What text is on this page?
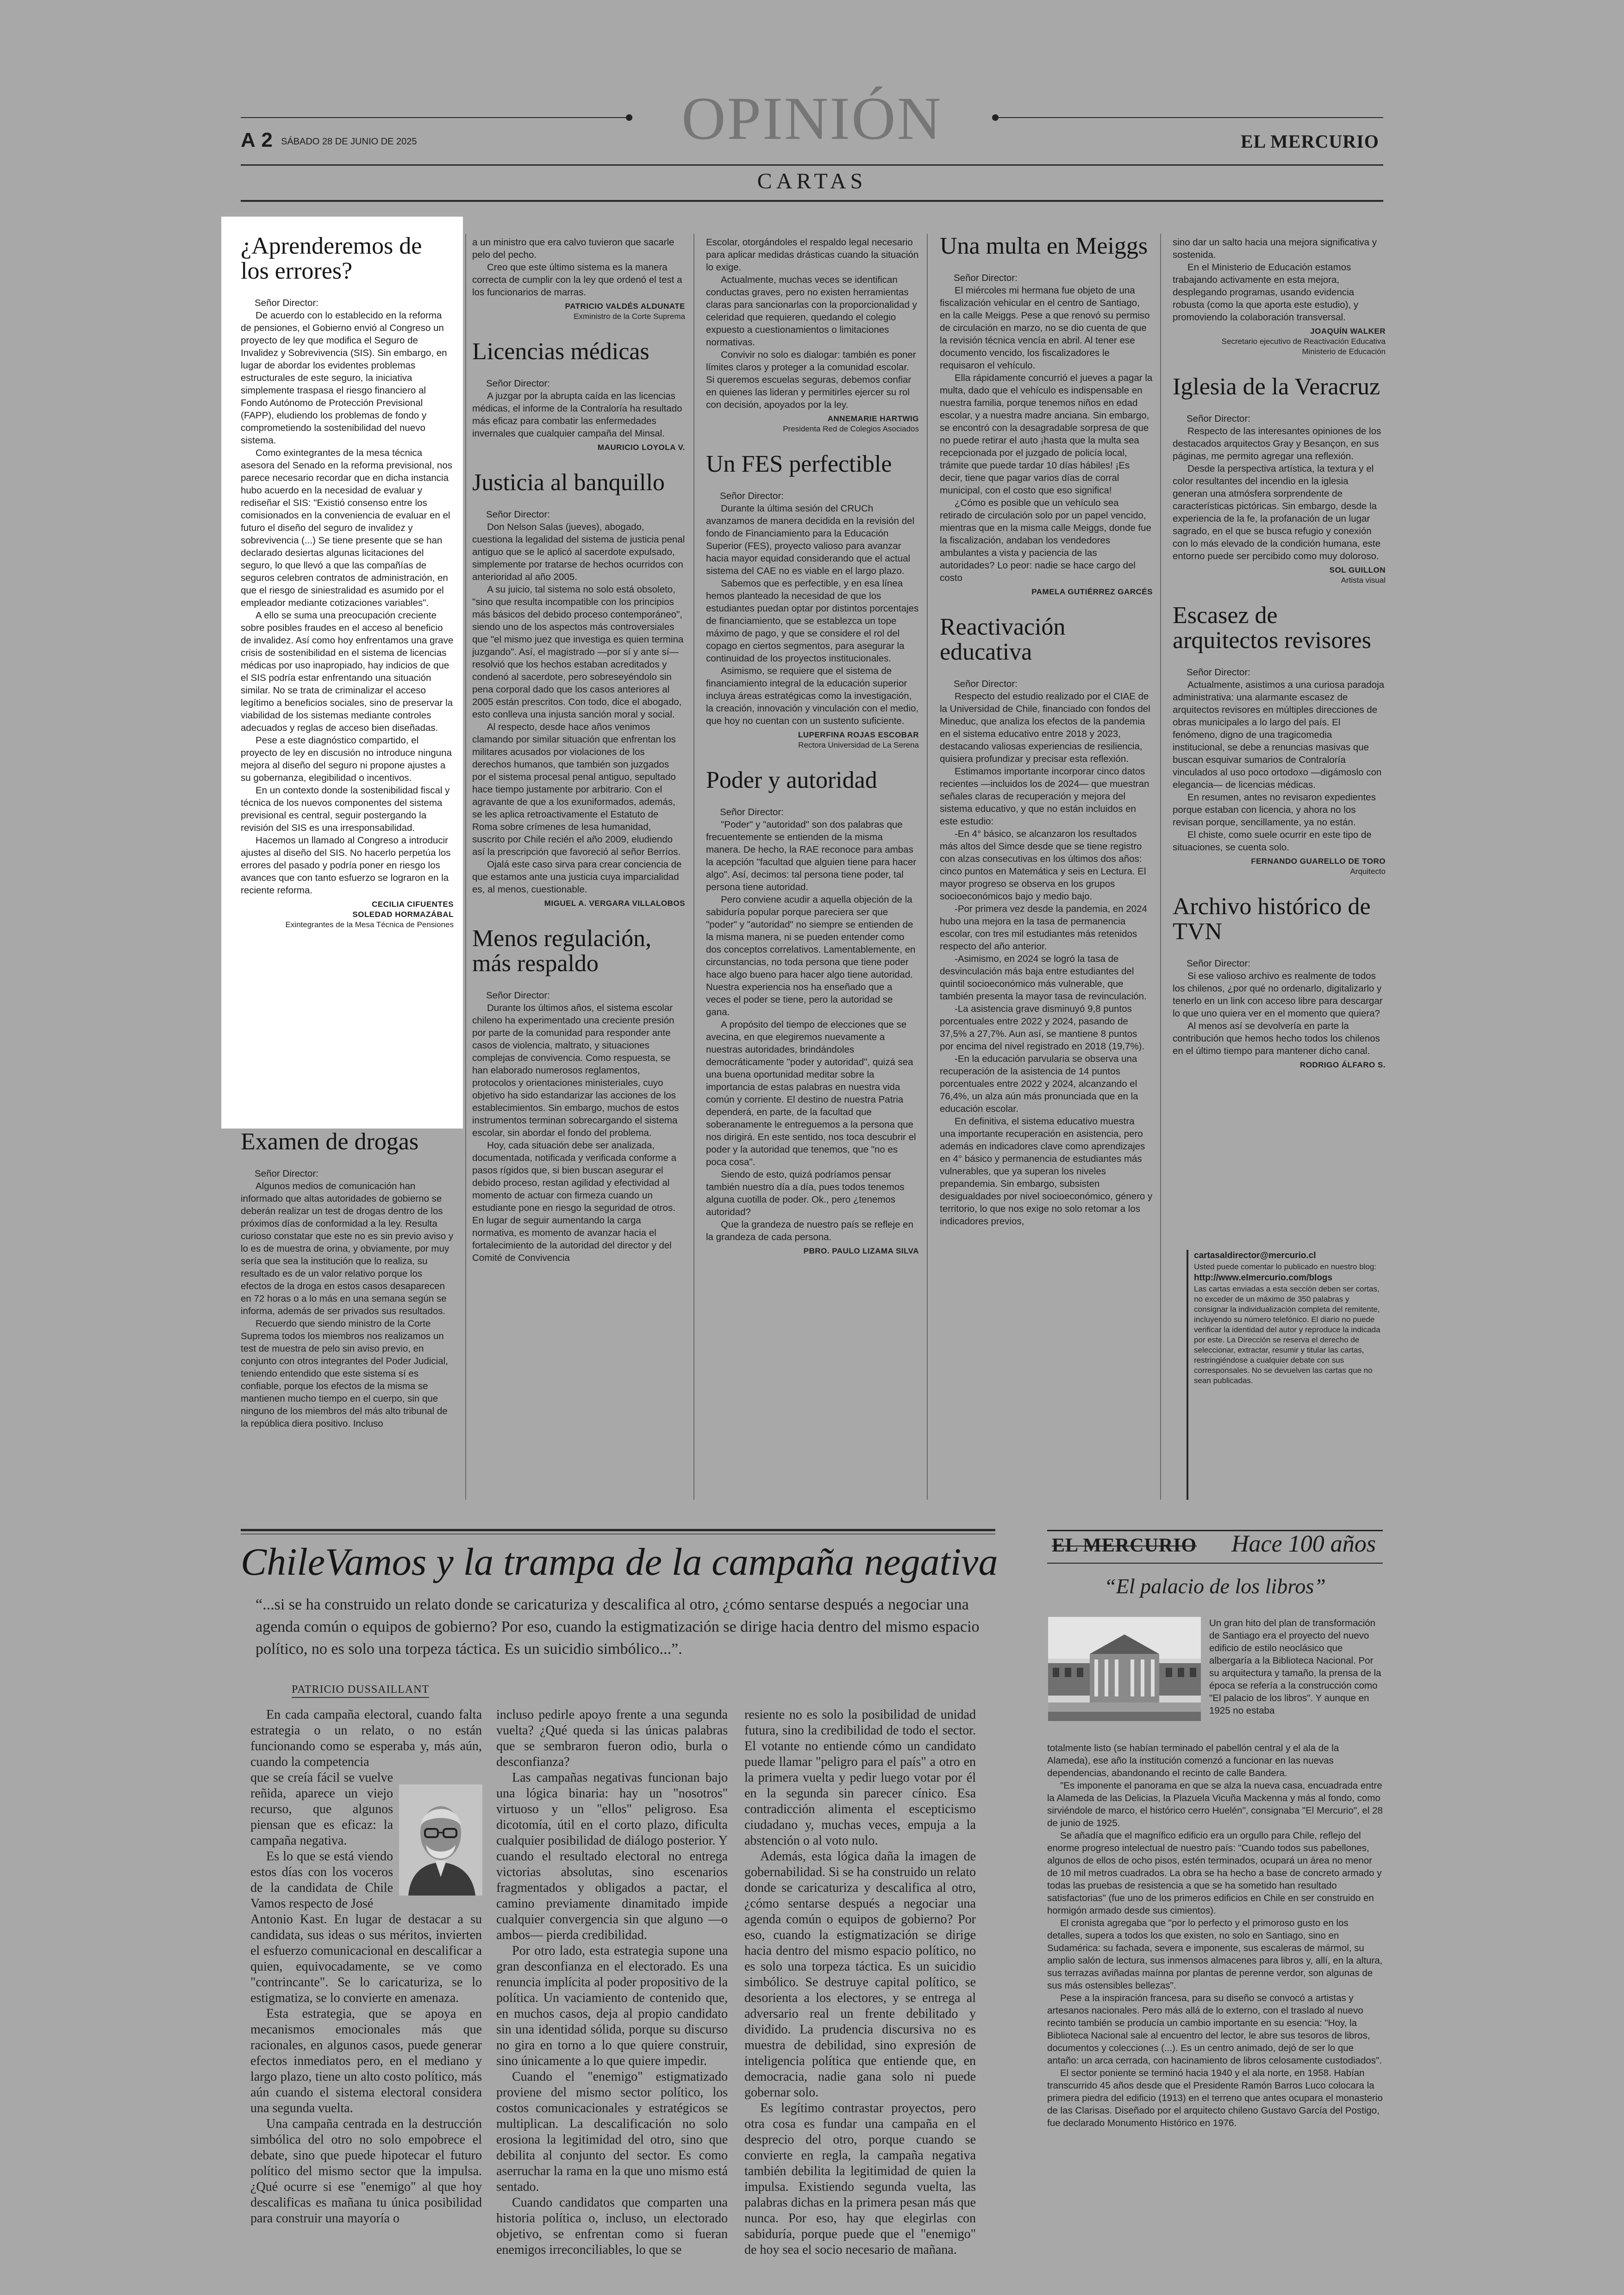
A 2 SÁBADO 28 DE JUNIO DE 2025	OPINIÓN	EL MERCURIO
CARTAS
¿Aprenderemos de los errores?
Señor Director:

De acuerdo con lo establecido en la reforma de pensiones, el Gobierno envió al Congreso un proyecto de ley que modifica el Seguro de Invalidez y Sobrevivencia (SIS). Sin embargo, en lugar de abordar los evidentes problemas estructurales de este seguro, la iniciativa simplemente traspasa el riesgo financiero al Fondo Autónomo de Protección Previsional (FAPP), eludiendo los problemas de fondo y comprometiendo la sostenibilidad del nuevo sistema.

Como exintegrantes de la mesa técnica asesora del Senado en la reforma previsional, nos parece necesario recordar que en dicha instancia hubo acuerdo en la necesidad de evaluar y rediseñar el SIS: "Existió consenso entre los comisionados en la conveniencia de evaluar en el futuro el diseño del seguro de invalidez y sobrevivencia (...) Se tiene presente que se han declarado desiertas algunas licitaciones del seguro, lo que llevó a que las compañías de seguros celebren contratos de administración, en que el riesgo de siniestralidad es asumido por el empleador mediante cotizaciones variables".

A ello se suma una preocupación creciente sobre posibles fraudes en el acceso al beneficio de invalidez. Así como hoy enfrentamos una grave crisis de sostenibilidad en el sistema de licencias médicas por uso inapropiado, hay indicios de que el SIS podría estar enfrentando una situación similar. No se trata de criminalizar el acceso legítimo a beneficios sociales, sino de preservar la viabilidad de los sistemas mediante controles adecuados y reglas de acceso bien diseñadas.

Pese a este diagnóstico compartido, el proyecto de ley en discusión no introduce ninguna mejora al diseño del seguro ni propone ajustes a su gobernanza, elegibilidad o incentivos.

En un contexto donde la sostenibilidad fiscal y técnica de los nuevos componentes del sistema previsional es central, seguir postergando la revisión del SIS es una irresponsabilidad.

Hacemos un llamado al Congreso a introducir ajustes al diseño del SIS. No hacerlo perpetúa los errores del pasado y podría poner en riesgo los avances que con tanto esfuerzo se lograron en la reciente reforma.

CECILIA CIFUENTES
SOLEDAD HORMAZÁBAL
Exintegrantes de la Mesa Técnica de Pensiones
Examen de drogas
Señor Director:

Algunos medios de comunicación han informado que altas autoridades de gobierno se deberán realizar un test de drogas dentro de los próximos días de conformidad a la ley. Resulta curioso constatar que este no es sin previo aviso y lo es de muestra de orina, y obviamente, por muy sería que sea la institución que lo realiza, su resultado es de un valor relativo porque los efectos de la droga en estos casos desaparecen en 72 horas o a lo más en una semana según se informa, además de ser privados sus resultados.

Recuerdo que siendo ministro de la Corte Suprema todos los miembros nos realizamos un test de muestra de pelo sin aviso previo, en conjunto con otros integrantes del Poder Judicial, teniendo entendido que este sistema sí es confiable, porque los efectos de la misma se mantienen mucho tiempo en el cuerpo, sin que ninguno de los miembros del más alto tribunal de la república diera positivo. Incluso

a un ministro que era calvo tuvieron que sacarle pelo del pecho.

Creo que este último sistema es la manera correcta de cumplir con la ley que ordenó el test a los funcionarios de marras.

PATRICIO VALDÉS ALDUNATE
Exministro de la Corte Suprema
Licencias médicas
Señor Director:

A juzgar por la abrupta caída en las licencias médicas, el informe de la Contraloría ha resultado más eficaz para combatir las enfermedades invernales que cualquier campaña del Minsal.

MAURICIO LOYOLA V.
Justicia al banquillo
Señor Director:

Don Nelson Salas (jueves), abogado, cuestiona la legalidad del sistema de justicia penal antiguo que se le aplicó al sacerdote expulsado, simplemente por tratarse de hechos ocurridos con anterioridad al año 2005.

A su juicio, tal sistema no solo está obsoleto, "sino que resulta incompatible con los principios más básicos del debido proceso contemporáneo", siendo uno de los aspectos más controversiales que "el mismo juez que investiga es quien termina juzgando". Así, el magistrado —por sí y ante sí— resolvió que los hechos estaban acreditados y condenó al sacerdote, pero sobreseyéndolo sin pena corporal dado que los casos anteriores al 2005 están prescritos. Con todo, dice el abogado, esto conlleva una injusta sanción moral y social.

Al respecto, desde hace años venimos clamando por similar situación que enfrentan los militares acusados por violaciones de los derechos humanos, que también son juzgados por el sistema procesal penal antiguo, sepultado hace tiempo justamente por arbitrario. Con el agravante de que a los exuniformados, además, se les aplica retroactivamente el Estatuto de Roma sobre crímenes de lesa humanidad, suscrito por Chile recién el año 2009, eludiendo así la prescripción que favoreció al señor Berríos.

Ojalá este caso sirva para crear conciencia de que estamos ante una justicia cuya imparcialidad es, al menos, cuestionable.

MIGUEL A. VERGARA VILLALOBOS
Menos regulación, más respaldo
Señor Director:

Durante los últimos años, el sistema escolar chileno ha experimentado una creciente presión por parte de la comunidad para responder ante casos de violencia, maltrato, y situaciones complejas de convivencia. Como respuesta, se han elaborado numerosos reglamentos, protocolos y orientaciones ministeriales, cuyo objetivo ha sido estandarizar las acciones de los establecimientos. Sin embargo, muchos de estos instrumentos terminan sobrecargando el sistema escolar, sin abordar el fondo del problema.

Hoy, cada situación debe ser analizada, documentada, notificada y verificada conforme a pasos rígidos que, si bien buscan asegurar el debido proceso, restan agilidad y efectividad al momento de actuar con firmeza cuando un estudiante pone en riesgo la seguridad de otros. En lugar de seguir aumentando la carga normativa, es momento de avanzar hacia el fortalecimiento de la autoridad del director y del Comité de Convivencia

Escolar, otorgándoles el respaldo legal necesario para aplicar medidas drásticas cuando la situación lo exige.

Actualmente, muchas veces se identifican conductas graves, pero no existen herramientas claras para sancionarlas con la proporcionalidad y celeridad que requieren, quedando el colegio expuesto a cuestionamientos o limitaciones normativas.

Convivir no solo es dialogar: también es poner límites claros y proteger a la comunidad escolar. Si queremos escuelas seguras, debemos confiar en quienes las lideran y permitirles ejercer su rol con decisión, apoyados por la ley.

ANNEMARIE HARTWIG
Presidenta Red de Colegios Asociados
Un FES perfectible
Señor Director:

Durante la última sesión del CRUCh avanzamos de manera decidida en la revisión del fondo de Financiamiento para la Educación Superior (FES), proyecto valioso para avanzar hacia mayor equidad considerando que el actual sistema del CAE no es viable en el largo plazo.

Sabemos que es perfectible, y en esa línea hemos planteado la necesidad de que los estudiantes puedan optar por distintos porcentajes de financiamiento, que se establezca un tope máximo de pago, y que se considere el rol del copago en ciertos segmentos, para asegurar la continuidad de los proyectos institucionales.

Asimismo, se requiere que el sistema de financiamiento integral de la educación superior incluya áreas estratégicas como la investigación, la creación, innovación y vinculación con el medio, que hoy no cuentan con un sustento suficiente.

LUPERFINA ROJAS ESCOBAR
Rectora Universidad de La Serena
Poder y autoridad
Señor Director:

"Poder" y "autoridad" son dos palabras que frecuentemente se entienden de la misma manera. De hecho, la RAE reconoce para ambas la acepción "facultad que alguien tiene para hacer algo". Así, decimos: tal persona tiene poder, tal persona tiene autoridad.

Pero conviene acudir a aquella objeción de la sabiduría popular porque pareciera ser que "poder" y "autoridad" no siempre se entienden de la misma manera, ni se pueden entender como dos conceptos correlativos. Lamentablemente, en circunstancias, no toda persona que tiene poder hace algo bueno para hacer algo tiene autoridad. Nuestra experiencia nos ha enseñado que a veces el poder se tiene, pero la autoridad se gana.

A propósito del tiempo de elecciones que se avecina, en que elegiremos nuevamente a nuestras autoridades, brindándoles democráticamente "poder y autoridad", quizá sea una buena oportunidad meditar sobre la importancia de estas palabras en nuestra vida común y corriente. El destino de nuestra Patria dependerá, en parte, de la facultad que soberanamente le entreguemos a la persona que nos dirigirá. En este sentido, nos toca descubrir el poder y la autoridad que tenemos, que "no es poca cosa".

Siendo de esto, quizá podríamos pensar también nuestro día a día, pues todos tenemos alguna cuotilla de poder. Ok., pero ¿tenemos autoridad?

Que la grandeza de nuestro país se refleje en la grandeza de cada persona.

PBRO. PAULO LIZAMA SILVA
Una multa en Meiggs
Señor Director:

El miércoles mi hermana fue objeto de una fiscalización vehicular en el centro de Santiago, en la calle Meiggs. Pese a que renovó su permiso de circulación en marzo, no se dio cuenta de que la revisión técnica vencía en abril. Al tener ese documento vencido, los fiscalizadores le requisaron el vehículo.

Ella rápidamente concurrió el jueves a pagar la multa, dado que el vehículo es indispensable en nuestra familia, porque tenemos niños en edad escolar, y a nuestra madre anciana. Sin embargo, se encontró con la desagradable sorpresa de que no puede retirar el auto ¡hasta que la multa sea recepcionada por el juzgado de policía local, trámite que puede tardar 10 días hábiles! ¡Es decir, tiene que pagar varios días de corral municipal, con el costo que eso significa!

¿Cómo es posible que un vehículo sea retirado de circulación solo por un papel vencido, mientras que en la misma calle Meiggs, donde fue la fiscalización, andaban los vendedores ambulantes a vista y paciencia de las autoridades? Lo peor: nadie se hace cargo del costo

PAMELA GUTIÉRREZ GARCÉS
Reactivación educativa
Señor Director:

Respecto del estudio realizado por el CIAE de la Universidad de Chile, financiado con fondos del Mineduc, que analiza los efectos de la pandemia en el sistema educativo entre 2018 y 2023, destacando valiosas experiencias de resiliencia, quisiera profundizar y precisar esta reflexión.

Estimamos importante incorporar cinco datos recientes —incluidos los de 2024— que muestran señales claras de recuperación y mejora del sistema educativo, y que no están incluidos en este estudio:

-En 4° básico, se alcanzaron los resultados más altos del Simce desde que se tiene registro con alzas consecutivas en los últimos dos años: cinco puntos en Matemática y seis en Lectura. El mayor progreso se observa en los grupos socioeconómicos bajo y medio bajo.

-Por primera vez desde la pandemia, en 2024 hubo una mejora en la tasa de permanencia escolar, con tres mil estudiantes más retenidos respecto del año anterior.

-Asimismo, en 2024 se logró la tasa de desvinculación más baja entre estudiantes del quintil socioeconómico más vulnerable, que también presenta la mayor tasa de revinculación.

-La asistencia grave disminuyó 9,8 puntos porcentuales entre 2022 y 2024, pasando de 37,5% a 27,7%. Aun así, se mantiene 8 puntos por encima del nivel registrado en 2018 (19,7%).

-En la educación parvularia se observa una recuperación de la asistencia de 14 puntos porcentuales entre 2022 y 2024, alcanzando el 76,4%, un alza aún más pronunciada que en la educación escolar.

En definitiva, el sistema educativo muestra una importante recuperación en asistencia, pero además en indicadores clave como aprendizajes en 4° básico y permanencia de estudiantes más vulnerables, que ya superan los niveles prepandemia. Sin embargo, subsisten desigualdades por nivel socioeconómico, género y territorio, lo que nos exige no solo retomar a los indicadores previos,

sino dar un salto hacia una mejora significativa y sostenida.

En el Ministerio de Educación estamos trabajando activamente en esta mejora, desplegando programas, usando evidencia robusta (como la que aporta este estudio), y promoviendo la colaboración transversal.

JOAQUÍN WALKER
Secretario ejecutivo de Reactivación Educativa
Ministerio de Educación
Iglesia de la Veracruz
Señor Director:

Respecto de las interesantes opiniones de los destacados arquitectos Gray y Besançon, en sus páginas, me permito agregar una reflexión.

Desde la perspectiva artística, la textura y el color resultantes del incendio en la iglesia generan una atmósfera sorprendente de características pictóricas. Sin embargo, desde la experiencia de la fe, la profanación de un lugar sagrado, en el que se busca refugio y conexión con lo más elevado de la condición humana, este entorno puede ser percibido como muy doloroso.

SOL GUILLON
Artista visual
Escasez de arquitectos revisores
Señor Director:

Actualmente, asistimos a una curiosa paradoja administrativa: una alarmante escasez de arquitectos revisores en múltiples direcciones de obras municipales a lo largo del país. El fenómeno, digno de una tragicomedia institucional, se debe a renuncias masivas que buscan esquivar sumarios de Contraloría vinculados al uso poco ortodoxo —digámoslo con elegancia— de licencias médicas.

En resumen, antes no revisaron expedientes porque estaban con licencia, y ahora no los revisan porque, sencillamente, ya no están.

El chiste, como suele ocurrir en este tipo de situaciones, se cuenta solo.

FERNANDO GUARELLO DE TORO
Arquitecto
Archivo histórico de TVN
Señor Director:

Si ese valioso archivo es realmente de todos los chilenos, ¿por qué no ordenarlo, digitalizarlo y tenerlo en un link con acceso libre para descargar lo que uno quiera ver en el momento que quiera?

Al menos así se devolvería en parte la contribución que hemos hecho todos los chilenos en el último tiempo para mantener dicho canal.

RODRIGO ÁLFARO S.

cartasaldirector@mercurio.cl

Usted puede comentar lo publicado en nuestro blog:

http://www.elmercurio.com/blogs

Las cartas enviadas a esta sección deben ser cortas, no exceder de un máximo de 350 palabras y consignar la individualización completa del remitente, incluyendo su número telefónico. El diario no puede verificar la identidad del autor y reproduce la indicada por este. La Dirección se reserva el derecho de seleccionar, extractar, resumir y titular las cartas, restringiéndose a cualquier debate con sus corresponsales. No se devuelven las cartas que no sean publicadas.

ChileVamos y la trampa de la campaña negativa
“...si se ha construido un relato donde se caricaturiza y descalifica al otro, ¿cómo sentarse después a negociar una agenda común o equipos de gobierno? Por eso, cuando la estigmatización se dirige hacia dentro del mismo espacio político, no es solo una torpeza táctica. Es un suicidio simbólico...”.
PATRICIO DUSSAILLANT

En cada campaña electoral, cuando falta estrategia o un relato, o no están funcionando como se esperaba y, más aún, cuando la competencia

que se creía fácil se vuelve reñida, aparece un viejo recurso, que algunos piensan que es eficaz: la campaña negativa.

Es lo que se está viendo estos días con los voceros de la candidata de Chile Vamos respecto de José

Antonio Kast. En lugar de destacar a su candidata, sus ideas o sus méritos, invierten el esfuerzo comunicacional en descalificar a quien, equivocadamente, se ve como "contrincante". Se lo caricaturiza, se lo estigmatiza, se lo convierte en amenaza.

Esta estrategia, que se apoya en mecanismos emocionales más que racionales, en algunos casos, puede generar efectos inmediatos pero, en el mediano y largo plazo, tiene un alto costo político, más aún cuando el sistema electoral considera una segunda vuelta.

Una campaña centrada en la destrucción simbólica del otro no solo empobrece el debate, sino que puede hipotecar el futuro político del mismo sector que la impulsa. ¿Qué ocurre si ese "enemigo" al que hoy descalificas es mañana tu única posibilidad para construir una mayoría o

incluso pedirle apoyo frente a una segunda vuelta? ¿Qué queda si las únicas palabras que se sembraron fueron odio, burla o desconfianza?

Las campañas negativas funcionan bajo una lógica binaria: hay un "nosotros" virtuoso y un "ellos" peligroso. Esa dicotomía, útil en el corto plazo, dificulta cualquier posibilidad de diálogo posterior. Y cuando el resultado electoral no entrega victorias absolutas, sino escenarios fragmentados y obligados a pactar, el camino previamente dinamitado impide cualquier convergencia sin que alguno —o ambos— pierda credibilidad.

Por otro lado, esta estrategia supone una gran desconfianza en el electorado. Es una renuncia implícita al poder propositivo de la política. Un vaciamiento de contenido que, en muchos casos, deja al propio candidato sin una identidad sólida, porque su discurso no gira en torno a lo que quiere construir, sino únicamente a lo que quiere impedir.

Cuando el "enemigo" estigmatizado proviene del mismo sector político, los costos comunicacionales y estratégicos se multiplican. La descalificación no solo erosiona la legitimidad del otro, sino que debilita al conjunto del sector. Es como aserruchar la rama en la que uno mismo está sentado.

Cuando candidatos que comparten una historia política o, incluso, un electorado objetivo, se enfrentan como si fueran enemigos irreconciliables, lo que se

resiente no es solo la posibilidad de unidad futura, sino la credibilidad de todo el sector. El votante no entiende cómo un candidato puede llamar "peligro para el país" a otro en la primera vuelta y pedir luego votar por él en la segunda sin parecer cínico. Esa contradicción alimenta el escepticismo ciudadano y, muchas veces, empuja a la abstención o al voto nulo.

Además, esta lógica daña la imagen de gobernabilidad. Si se ha construido un relato donde se caricaturiza y descalifica al otro, ¿cómo sentarse después a negociar una agenda común o equipos de gobierno? Por eso, cuando la estigmatización se dirige hacia dentro del mismo espacio político, no es solo una torpeza táctica. Es un suicidio simbólico. Se destruye capital político, se desorienta a los electores, y se entrega al adversario real un frente debilitado y dividido. La prudencia discursiva no es muestra de debilidad, sino expresión de inteligencia política que entiende que, en democracia, nadie gana solo ni puede gobernar solo.

Es legítimo contrastar proyectos, pero otra cosa es fundar una campaña en el desprecio del otro, porque cuando se convierte en regla, la campaña negativa también debilita la legitimidad de quien la impulsa. Existiendo segunda vuelta, las palabras dichas en la primera pesan más que nunca. Por eso, hay que elegirlas con sabiduría, porque puede que el "enemigo" de hoy sea el socio necesario de mañana.

EL MERCURIO Hace 100 años
“El palacio de los libros”

Un gran hito del plan de transformación de Santiago era el proyecto del nuevo edificio de estilo neoclásico que albergaría a la Biblioteca Nacional. Por su arquitectura y tamaño, la prensa de la época se refería a la construcción como "El palacio de los libros". Y aunque en 1925 no estaba

totalmente listo (se habían terminado el pabellón central y el ala de la Alameda), ese año la institución comenzó a funcionar en las nuevas dependencias, abandonando el recinto de calle Bandera.

"Es imponente el panorama en que se alza la nueva casa, encuadrada entre la Alameda de las Delicias, la Plazuela Vicuña Mackenna y más al fondo, como sirviéndole de marco, el histórico cerro Huelén", consignaba "El Mercurio", el 28 de junio de 1925.

Se añadía que el magnífico edificio era un orgullo para Chile, reflejo del enorme progreso intelectual de nuestro país: "Cuando todos sus pabellones, algunos de ellos de ocho pisos, estén terminados, ocupará un área no menor de 10 mil metros cuadrados. La obra se ha hecho a base de concreto armado y todas las pruebas de resistencia a que se ha sometido han resultado satisfactorias" (fue uno de los primeros edificios en Chile en ser construido en hormigón armado desde sus cimientos).

El cronista agregaba que "por lo perfecto y el primoroso gusto en los detalles, supera a todos los que existen, no solo en Santiago, sino en Sudamérica: su fachada, severa e imponente, sus escaleras de mármol, su amplio salón de lectura, sus inmensos almacenes para libros y, allí, en la altura, sus terrazas aviñadas maínna por plantas de perenne verdor, son algunas de sus más ostensibles bellezas".

Pese a la inspiración francesa, para su diseño se convocó a artistas y artesanos nacionales. Pero más allá de lo externo, con el traslado al nuevo recinto también se producía un cambio importante en su esencia: "Hoy, la Biblioteca Nacional sale al encuentro del lector, le abre sus tesoros de libros, documentos y colecciones (...). Es un centro animado, dejó de ser lo que antaño: un arca cerrada, con hacinamiento de libros celosamente custodiados".

El sector poniente se terminó hacia 1940 y el ala norte, en 1958. Habían transcurrido 45 años desde que el Presidente Ramón Barros Luco colocara la primera piedra del edificio (1913) en el terreno que antes ocupara el monasterio de las Clarisas. Diseñado por el arquitecto chileno Gustavo García del Postigo, fue declarado Monumento Histórico en 1976.
